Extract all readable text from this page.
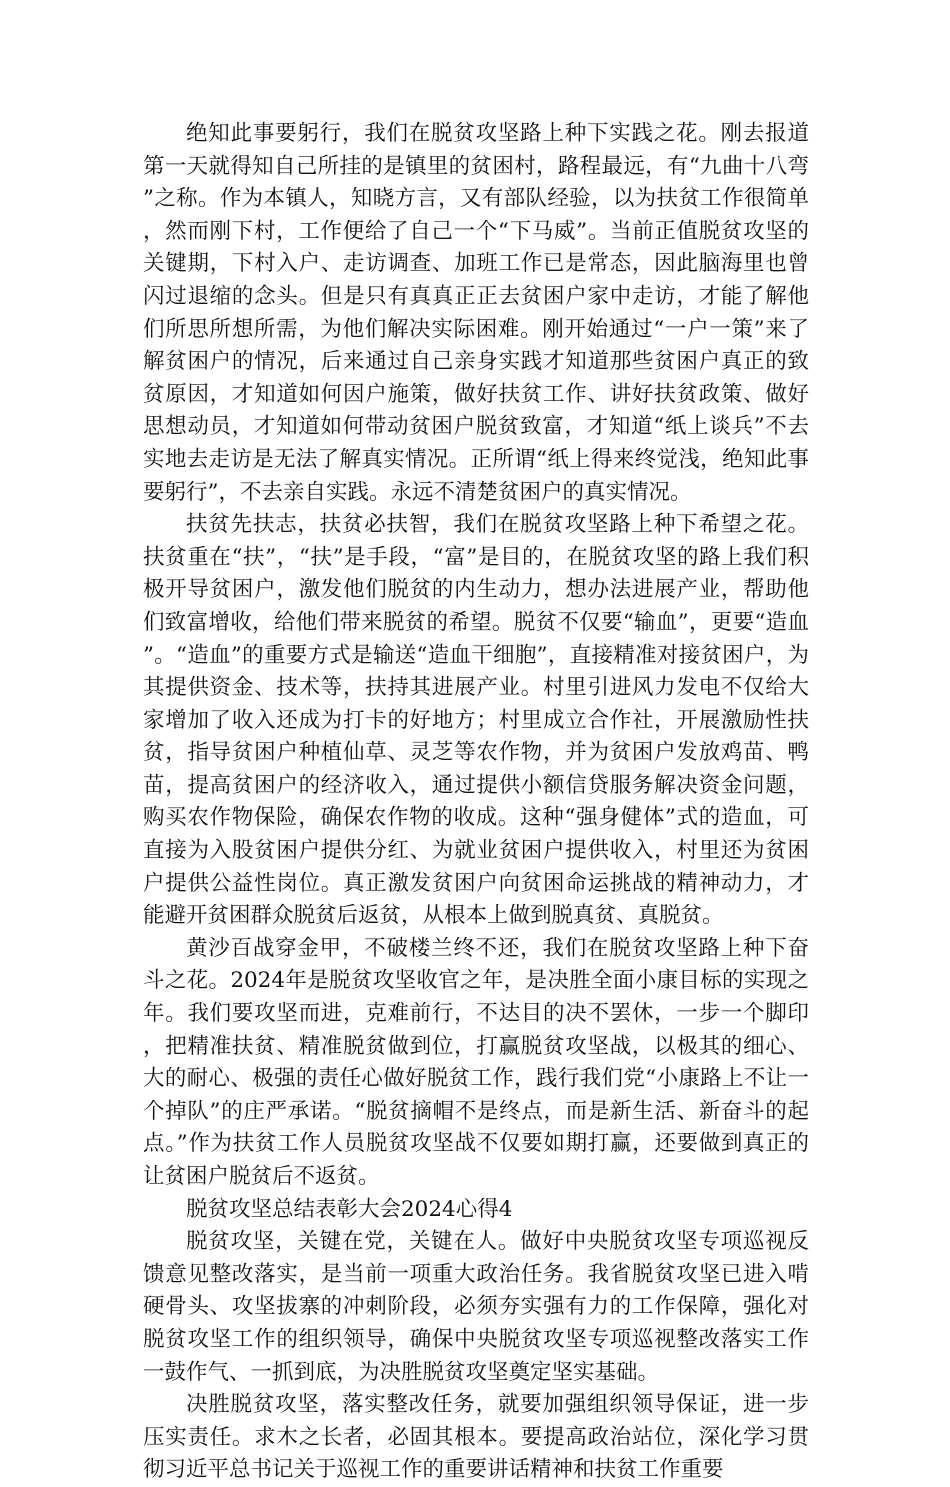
绝知此事要躬行，我们在脱贫攻坚路上种下实践之花。刚去报道第一天就得知自己所挂的是镇里的贫困村，路程最远，有“九曲十八弯”之称。作为本镇人，知晓方言，又有部队经验，以为扶贫工作很简单，然而刚下村，工作便给了自己一个“下马威”。当前正值脱贫攻坚的关键期，下村入户、走访调查、加班工作已是常态，因此脑海里也曾闪过退缩的念头。但是只有真真正正去贫困户家中走访，才能了解他们所思所想所需，为他们解决实际困难。刚开始通过“一户一策”来了解贫困户的情况，后来通过自己亲身实践才知道那些贫困户真正的致贫原因，才知道如何因户施策，做好扶贫工作、讲好扶贫政策、做好思想动员，才知道如何带动贫困户脱贫致富，才知道“纸上谈兵”不去实地去走访是无法了解真实情况。正所谓“纸上得来终觉浅，绝知此事要躬行”，不去亲自实践。永远不清楚贫困户的真实情况。

扶贫先扶志，扶贫必扶智，我们在脱贫攻坚路上种下希望之花。扶贫重在“扶”，“扶”是手段，“富”是目的，在脱贫攻坚的路上我们积极开导贫困户，激发他们脱贫的内生动力，想办法进展产业，帮助他们致富增收，给他们带来脱贫的希望。脱贫不仅要“输血”，更要“造血”。“造血”的重要方式是输送“造血干细胞”，直接精准对接贫困户，为其提供资金、技术等，扶持其进展产业。村里引进风力发电不仅给大家增加了收入还成为打卡的好地方；村里成立合作社，开展激励性扶贫，指导贫困户种植仙草、灵芝等农作物，并为贫困户发放鸡苗、鸭苗，提高贫困户的经济收入，通过提供小额信贷服务解决资金问题，购买农作物保险，确保农作物的收成。这种“强身健体”式的造血，可直接为入股贫困户提供分红、为就业贫困户提供收入，村里还为贫困户提供公益性岗位。真正激发贫困户向贫困命运挑战的精神动力，才能避开贫困群众脱贫后返贫，从根本上做到脱真贫、真脱贫。

黄沙百战穿金甲，不破楼兰终不还，我们在脱贫攻坚路上种下奋斗之花。2024年是脱贫攻坚收官之年，是决胜全面小康目标的实现之年。我们要攻坚而进，克难前行，不达目的决不罢休，一步一个脚印，把精准扶贫、精准脱贫做到位，打赢脱贫攻坚战，以极其的细心、大的耐心、极强的责任心做好脱贫工作，践行我们党“小康路上不让一个掉队”的庄严承诺。“脱贫摘帽不是终点，而是新生活、新奋斗的起点。”作为扶贫工作人员脱贫攻坚战不仅要如期打赢，还要做到真正的让贫困户脱贫后不返贫。

脱贫攻坚总结表彰大会2024心得4

脱贫攻坚，关键在党，关键在人。做好中央脱贫攻坚专项巡视反馈意见整改落实，是当前一项重大政治任务。我省脱贫攻坚已进入啃硬骨头、攻坚拔寨的冲刺阶段，必须夯实强有力的工作保障，强化对脱贫攻坚工作的组织领导，确保中央脱贫攻坚专项巡视整改落实工作一鼓作气、一抓到底，为决胜脱贫攻坚奠定坚实基础。

决胜脱贫攻坚，落实整改任务，就要加强组织领导保证，进一步压实责任。求木之长者，必固其根本。要提高政治站位，深化学习贯彻习近平总书记关于巡视工作的重要讲话精神和扶贫工作重要
